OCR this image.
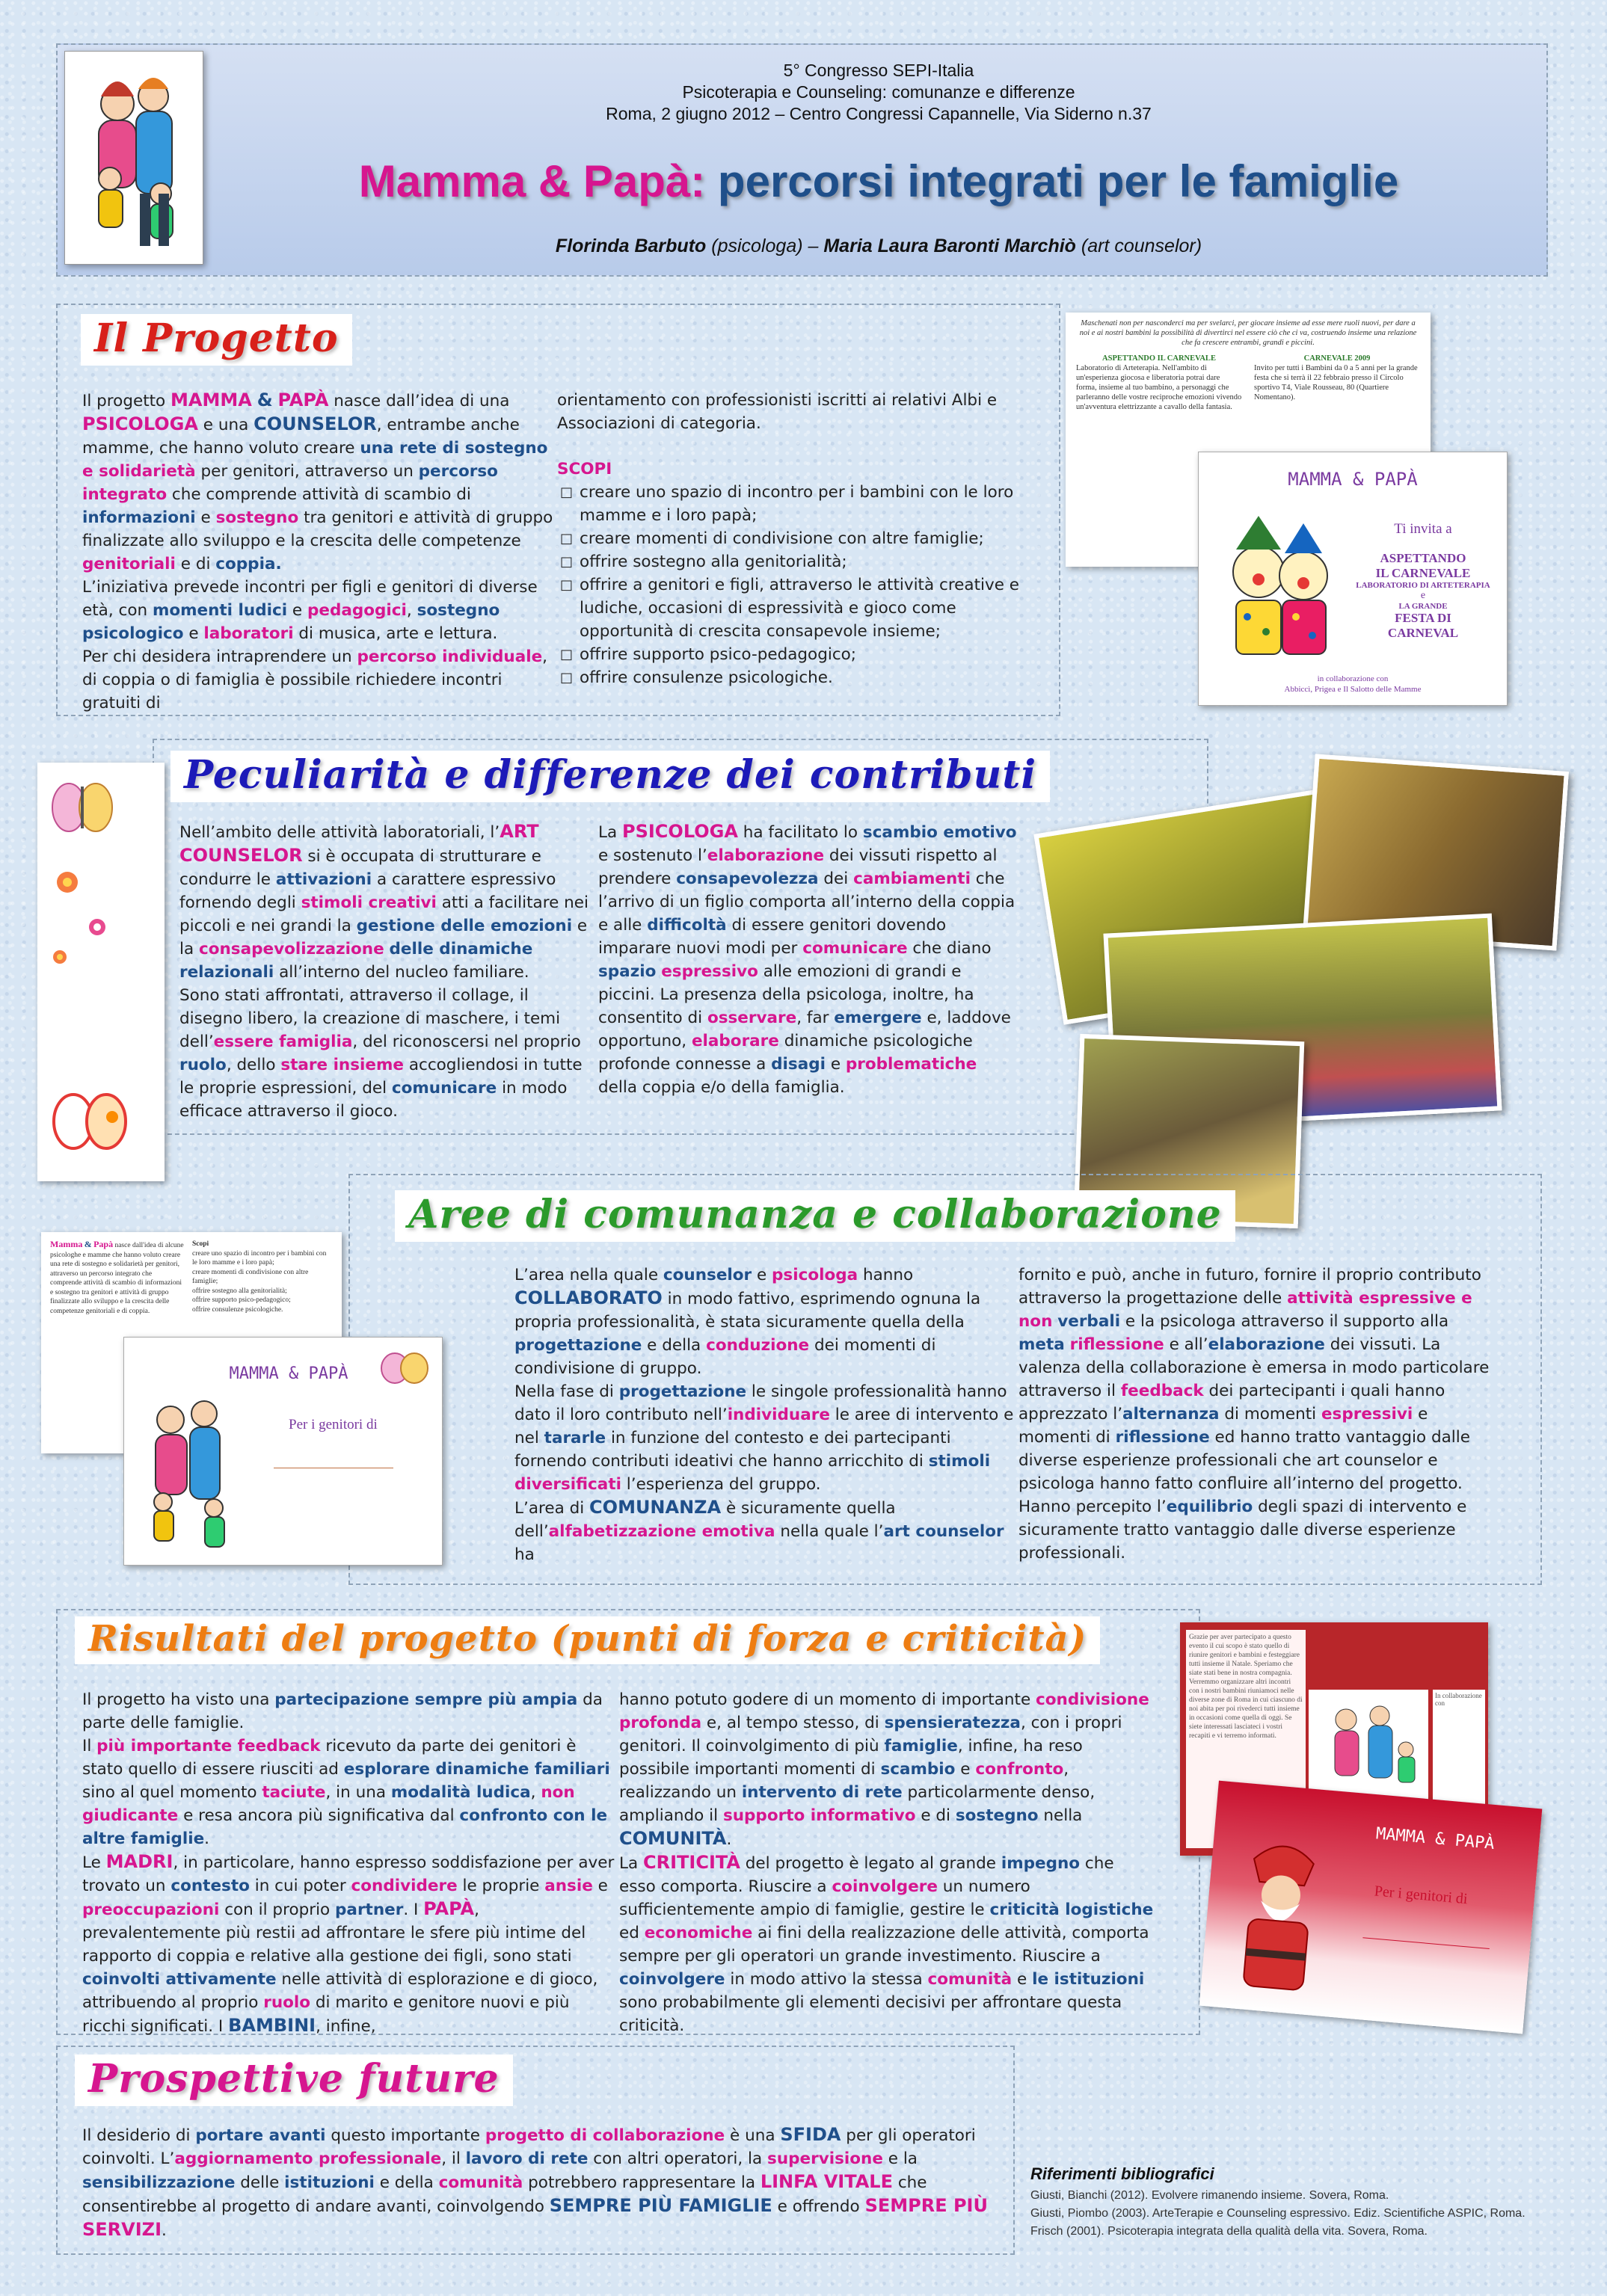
5° Congresso SEPI-Italia
Psicoterapia e Counseling: comunanze e differenze
Roma, 2 giugno 2012 – Centro Congressi Capannelle, Via Siderno n.37
Mamma & Papà: percorsi integrati per le famiglie
Florinda Barbuto (psicologa) – Maria Laura Baronti Marchiò (art counselor)
Il Progetto

Il progetto MAMMA & PAPÀ nasce dall’idea di una PSICOLOGA e una COUNSELOR, entrambe anche mamme, che hanno voluto creare una rete di sostegno e solidarietà per genitori, attraverso un percorso integrato che comprende attività di scambio di informazioni e sostegno tra genitori e attività di gruppo finalizzate allo sviluppo e la crescita delle competenze genitoriali e di coppia.

L’iniziativa prevede incontri per figli e genitori di diverse età, con momenti ludici e pedagogici, sostegno psicologico e laboratori di musica, arte e lettura.

Per chi desidera intraprendere un percorso individuale, di coppia o di famiglia è possibile richiedere incontri gratuiti di

orientamento con professionisti iscritti ai relativi Albi e Associazioni di categoria.

SCOPI

□ creare uno spazio di incontro per i bambini con le loro mamme e i loro papà;
□ creare momenti di condivisione con altre famiglie;
□ offrire sostegno alla genitorialità;
□ offrire a genitori e figli, attraverso le attività creative e ludiche, occasioni di espressività e gioco come opportunità di crescita consapevole insieme;
□ offrire supporto psico-pedagogico;
□ offrire consulenze psicologiche.
Maschenati non per nasconderci ma per svelarci, per giocare insieme ad esse mere ruoli nuovi, per dare a noi e ai nostri bambini la possibilità di divertirci nel essere ciò che ci va, costruendo insieme una relazione che fa crescere entrambi, grandi e piccini.
ASPETTANDO IL CARNEVALE
Laboratorio di Arteterapia. Nell'ambito di un'esperienza giocosa e liberatoria potrai dare forma, insieme al tuo bambino, a personaggi che parleranno delle vostre reciproche emozioni vivendo un'avventura elettrizzante a cavallo della fantasia.
CARNEVALE 2009
Invito per tutti i Bambini da 0 a 5 anni per la grande festa che si terrà il 22 febbraio presso il Circolo sportivo T4, Viale Rousseau, 80 (Quartiere Nomentano).
MAMMA & PAPÀ
Ti invita a
ASPETTANDO
IL CARNEVALE
LABORATORIO DI ARTETERAPIA
e
LA GRANDE
FESTA DI
CARNEVAL
in collaborazione con
Abbiccì, Prigea e Il Salotto delle Mamme
Peculiarità e differenze dei contributi

Nell’ambito delle attività laboratoriali, l’ART COUNSELOR si è occupata di strutturare e condurre le attivazioni a carattere espressivo fornendo degli stimoli creativi atti a facilitare nei piccoli e nei grandi la gestione delle emozioni e la consapevolizzazione delle dinamiche relazionali all’interno del nucleo familiare.

Sono stati affrontati, attraverso il collage, il disegno libero, la creazione di maschere, i temi dell’essere famiglia, del riconoscersi nel proprio ruolo, dello stare insieme accogliendosi in tutte le proprie espressioni, del comunicare in modo efficace attraverso il gioco.

La PSICOLOGA ha facilitato lo scambio emotivo e sostenuto l’elaborazione dei vissuti rispetto al prendere consapevolezza dei cambiamenti che l’arrivo di un figlio comporta all’interno della coppia e alle difficoltà di essere genitori dovendo imparare nuovi modi per comunicare che diano spazio espressivo alle emozioni di grandi e piccini. La presenza della psicologa, inoltre, ha consentito di osservare, far emergere e, laddove opportuno, elaborare dinamiche psicologiche profonde connesse a disagi e problematiche della coppia e/o della famiglia.

Aree di comunanza e collaborazione
Mamma & Papà nasce dall'idea di alcune psicologhe e mamme che hanno voluto creare una rete di sostegno e solidarietà per genitori, attraverso un percorso integrato che comprende attività di scambio di informazioni e sostegno tra genitori e attività di gruppo finalizzate allo sviluppo e la crescita delle competenze genitoriali e di coppia.
Scopi
creare uno spazio di incontro per i bambini con le loro mamme e i loro papà;
creare momenti di condivisione con altre famiglie;
offrire sostegno alla genitorialità;
offrire supporto psico-pedagogico;
offrire consulenze psicologiche.
MAMMA & PAPÀ
Per i genitori di

L’area nella quale counselor e psicologa hanno COLLABORATO in modo fattivo, esprimendo ognuna la propria professionalità, è stata sicuramente quella della progettazione e della conduzione dei momenti di condivisione di gruppo.

Nella fase di progettazione le singole professionalità hanno dato il loro contributo nell’individuare le aree di intervento e nel tararle in funzione del contesto e dei partecipanti fornendo contributi ideativi che hanno arricchito di stimoli diversificati l’esperienza del gruppo.

L’area di COMUNANZA è sicuramente quella dell’alfabetizzazione emotiva nella quale l’art counselor ha

fornito e può, anche in futuro, fornire il proprio contributo attraverso la progettazione delle attività espressive e non verbali e la psicologa attraverso il supporto alla meta riflessione e all’elaborazione dei vissuti. La valenza della collaborazione è emersa in modo particolare attraverso il feedback dei partecipanti i quali hanno apprezzato l’alternanza di momenti espressivi e momenti di riflessione ed hanno tratto vantaggio dalle diverse esperienze professionali che art counselor e psicologa hanno fatto confluire all’interno del progetto. Hanno percepito l’equilibrio degli spazi di intervento e sicuramente tratto vantaggio dalle diverse esperienze professionali.

Risultati del progetto (punti di forza e criticità)

Il progetto ha visto una partecipazione sempre più ampia da parte delle famiglie.

Il più importante feedback ricevuto da parte dei genitori è stato quello di essere riusciti ad esplorare dinamiche familiari sino al quel momento taciute, in una modalità ludica, non giudicante e resa ancora più significativa dal confronto con le altre famiglie.

Le MADRI, in particolare, hanno espresso soddisfazione per aver trovato un contesto in cui poter condividere le proprie ansie e preoccupazioni con il proprio partner. I PAPÀ, prevalentemente più restii ad affrontare le sfere più intime del rapporto di coppia e relative alla gestione dei figli, sono stati coinvolti attivamente nelle attività di esplorazione e di gioco, attribuendo al proprio ruolo di marito e genitore nuovi e più ricchi significati. I BAMBINI, infine,

hanno potuto godere di un momento di importante condivisione profonda e, al tempo stesso, di spensieratezza, con i propri genitori. Il coinvolgimento di più famiglie, infine, ha reso possibile importanti momenti di scambio e confronto, realizzando un intervento di rete particolarmente denso, ampliando il supporto informativo e di sostegno nella COMUNITÀ.

La CRITICITÀ del progetto è legato al grande impegno che esso comporta. Riuscire a coinvolgere un numero sufficientemente ampio di famiglie, gestire le criticità logistiche ed economiche ai fini della realizzazione delle attività, comporta sempre per gli operatori un grande investimento. Riuscire a coinvolgere in modo attivo la stessa comunità e le istituzioni sono probabilmente gli elementi decisivi per affrontare questa criticità.

Grazie per aver partecipato a questo evento il cui scopo è stato quello di riunire genitori e bambini e festeggiare tutti insieme il Natale. Speriamo che siate stati bene in nostra compagnia. Verremmo organizzare altri incontri con i nostri bambini riuniamoci nelle diverse zone di Roma in cui ciascuno di noi abita per poi rivederci tutti insieme in occasioni come quella di oggi. Se siete interessati lasciateci i vostri recapiti e vi terremo informati.
In collaborazione con
MAMMA & PAPÀ
Per i genitori di
Prospettive future

Il desiderio di portare avanti questo importante progetto di collaborazione è una SFIDA per gli operatori coinvolti. L’aggiornamento professionale, il lavoro di rete con altri operatori, la supervisione e la sensibilizzazione delle istituzioni e della comunità potrebbero rappresentare la LINFA VITALE che consentirebbe al progetto di andare avanti, coinvolgendo SEMPRE PIÙ FAMIGLIE e offrendo SEMPRE PIÙ SERVIZI.

Riferimenti bibliografici
Giusti, Bianchi (2012). Evolvere rimanendo insieme. Sovera, Roma.
Giusti, Piombo (2003). ArteTerapie e Counseling espressivo. Ediz. Scientifiche ASPIC, Roma.
Frisch (2001). Psicoterapia integrata della qualità della vita. Sovera, Roma.
